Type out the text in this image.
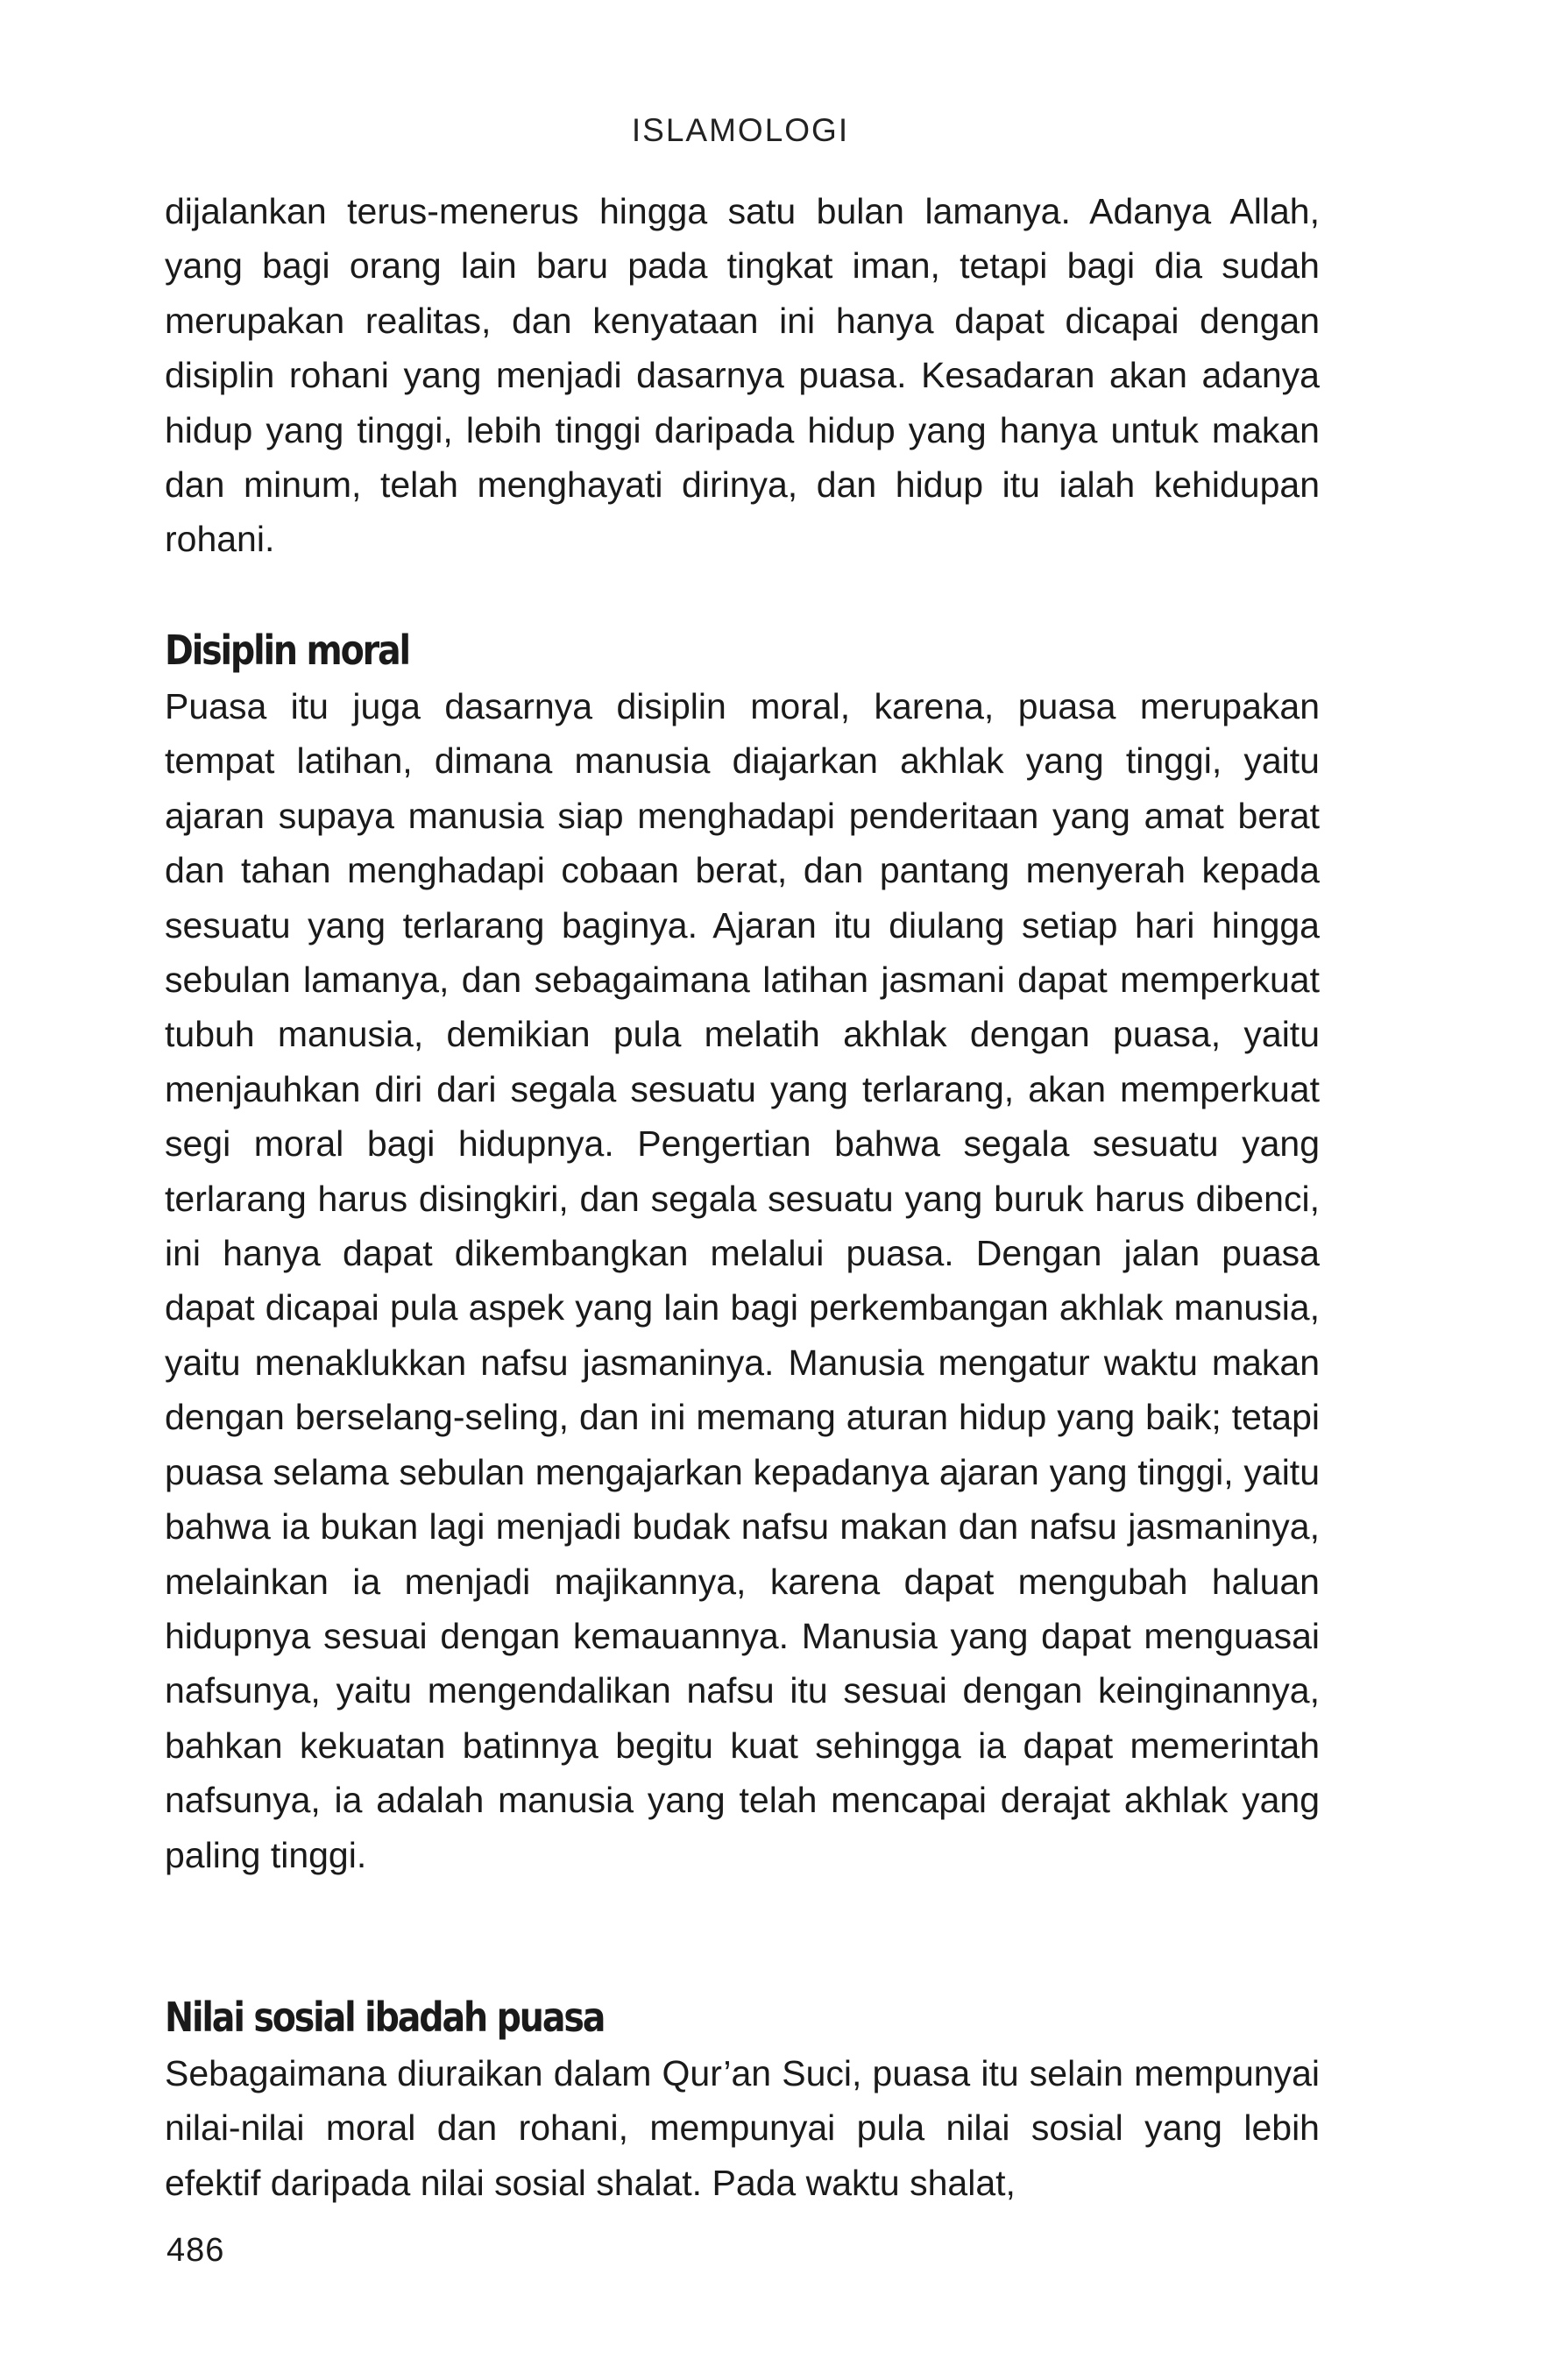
ISLAMOLOGI

dijalankan terus-menerus hingga satu bulan lamanya. Adanya Allah, yang bagi orang lain baru pada tingkat iman, tetapi bagi dia sudah merupakan realitas, dan kenyataan ini hanya dapat dicapai dengan disiplin rohani yang menjadi dasarnya puasa. Kesadaran akan adanya hidup yang tinggi, lebih tinggi daripada hidup yang hanya untuk makan dan minum, telah menghayati dirinya, dan hidup itu ialah kehidupan rohani.

Disiplin moral

Puasa itu juga dasarnya disiplin moral, karena, puasa merupakan tempat latihan, dimana manusia diajarkan akhlak yang tinggi, yaitu ajaran supaya manusia siap menghadapi penderitaan yang amat berat dan tahan menghadapi cobaan berat, dan pantang menyerah kepada sesuatu yang terlarang baginya. Ajaran itu diulang setiap hari hingga sebulan lamanya, dan sebagaimana latihan jasmani dapat memperkuat tubuh manusia, demikian pula melatih akhlak dengan puasa, yaitu menjauhkan diri dari segala sesuatu yang terlarang, akan memperkuat segi moral bagi hidupnya. Pengertian bahwa segala sesuatu yang terlarang harus disingkiri, dan segala sesuatu yang buruk harus dibenci, ini hanya dapat dikembangkan melalui puasa. Dengan jalan puasa dapat dicapai pula aspek yang lain bagi perkembangan akhlak manusia, yaitu menaklukkan nafsu jasmaninya. Manusia mengatur waktu makan dengan berselang-seling, dan ini memang aturan hidup yang baik; tetapi puasa selama sebulan mengajarkan kepadanya ajaran yang tinggi, yaitu bahwa ia bukan lagi menjadi budak nafsu makan dan nafsu jasmaninya, melainkan ia menjadi majikannya, karena dapat mengubah haluan hidupnya sesuai dengan kemauannya. Manusia yang dapat menguasai nafsunya, yaitu mengendalikan nafsu itu sesuai dengan keinginannya, bahkan kekuatan batinnya begitu kuat sehingga ia dapat memerintah nafsunya, ia adalah manusia yang telah mencapai derajat akhlak yang paling tinggi.

Nilai sosial ibadah puasa

Sebagaimana diuraikan dalam Qur’an Suci, puasa itu selain mempunyai nilai-nilai moral dan rohani, mempunyai pula nilai sosial yang lebih efektif daripada nilai sosial shalat. Pada waktu shalat,

486
